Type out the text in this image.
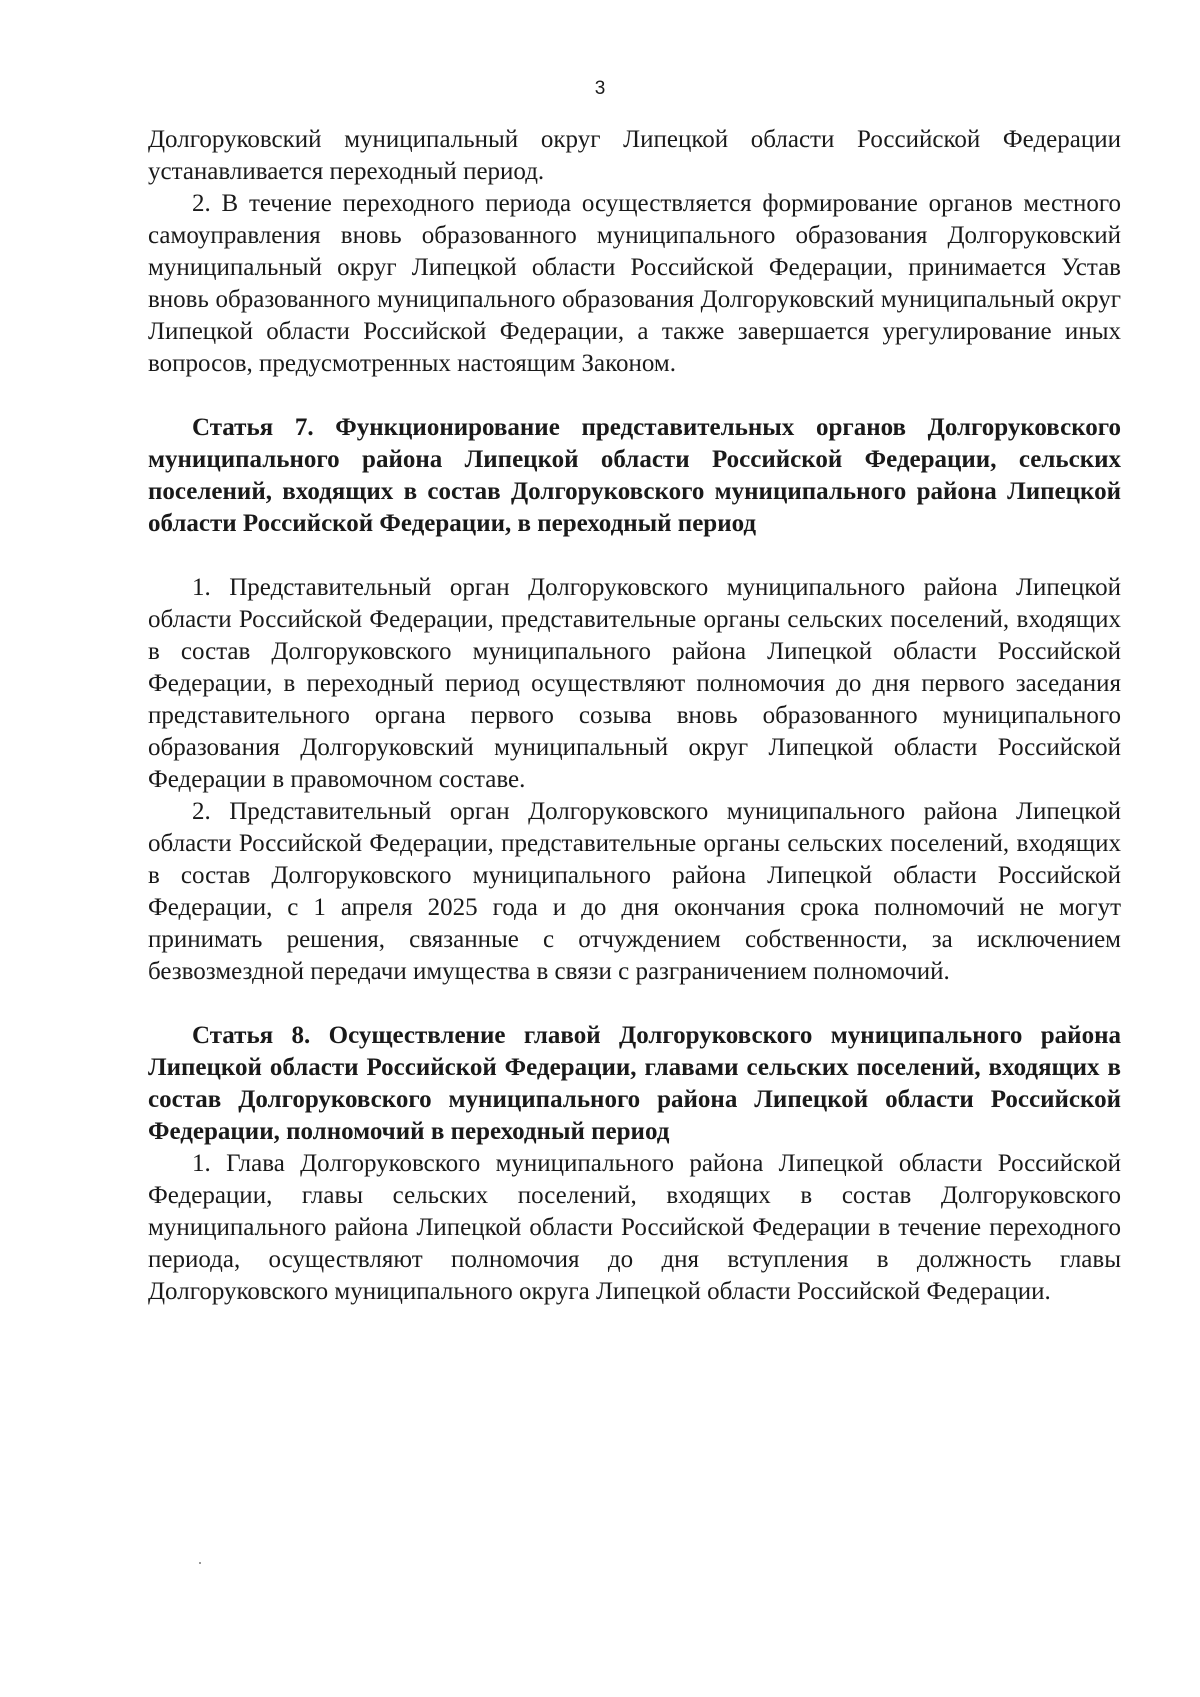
3

Долгоруковский муниципальный округ Липецкой области Российской Федерации устанавливается переходный период.

2. В течение переходного периода осуществляется формирование органов местного самоуправления вновь образованного муниципального образования Долгоруковский муниципальный округ Липецкой области Российской Федерации, принимается Устав вновь образованного муниципального образования Долгоруковский муниципальный округ Липецкой области Российской Федерации, а также завершается урегулирование иных вопросов, предусмотренных настоящим Законом.

Статья 7. Функционирование представительных органов Долгоруковского муниципального района Липецкой области Российской Федерации, сельских поселений, входящих в состав Долгоруковского муниципального района Липецкой области Российской Федерации, в переходный период

1. Представительный орган Долгоруковского муниципального района Липецкой области Российской Федерации, представительные органы сельских поселений, входящих в состав Долгоруковского муниципального района Липецкой области Российской Федерации, в переходный период осуществляют полномочия до дня первого заседания представительного органа первого созыва вновь образованного муниципального образования Долгоруковский муниципальный округ Липецкой области Российской Федерации в правомочном составе.

2. Представительный орган Долгоруковского муниципального района Липецкой области Российской Федерации, представительные органы сельских поселений, входящих в состав Долгоруковского муниципального района Липецкой области Российской Федерации, с 1 апреля 2025 года и до дня окончания срока полномочий не могут принимать решения, связанные с отчуждением собственности, за исключением безвозмездной передачи имущества в связи с разграничением полномочий.

Статья 8. Осуществление главой Долгоруковского муниципального района Липецкой области Российской Федерации, главами сельских поселений, входящих в состав Долгоруковского муниципального района Липецкой области Российской Федерации, полномочий в переходный период

1. Глава Долгоруковского муниципального района Липецкой области Российской Федерации, главы сельских поселений, входящих в состав Долгоруковского муниципального района Липецкой области Российской Федерации в течение переходного периода, осуществляют полномочия до дня вступления в должность главы Долгоруковского муниципального округа Липецкой области Российской Федерации.
